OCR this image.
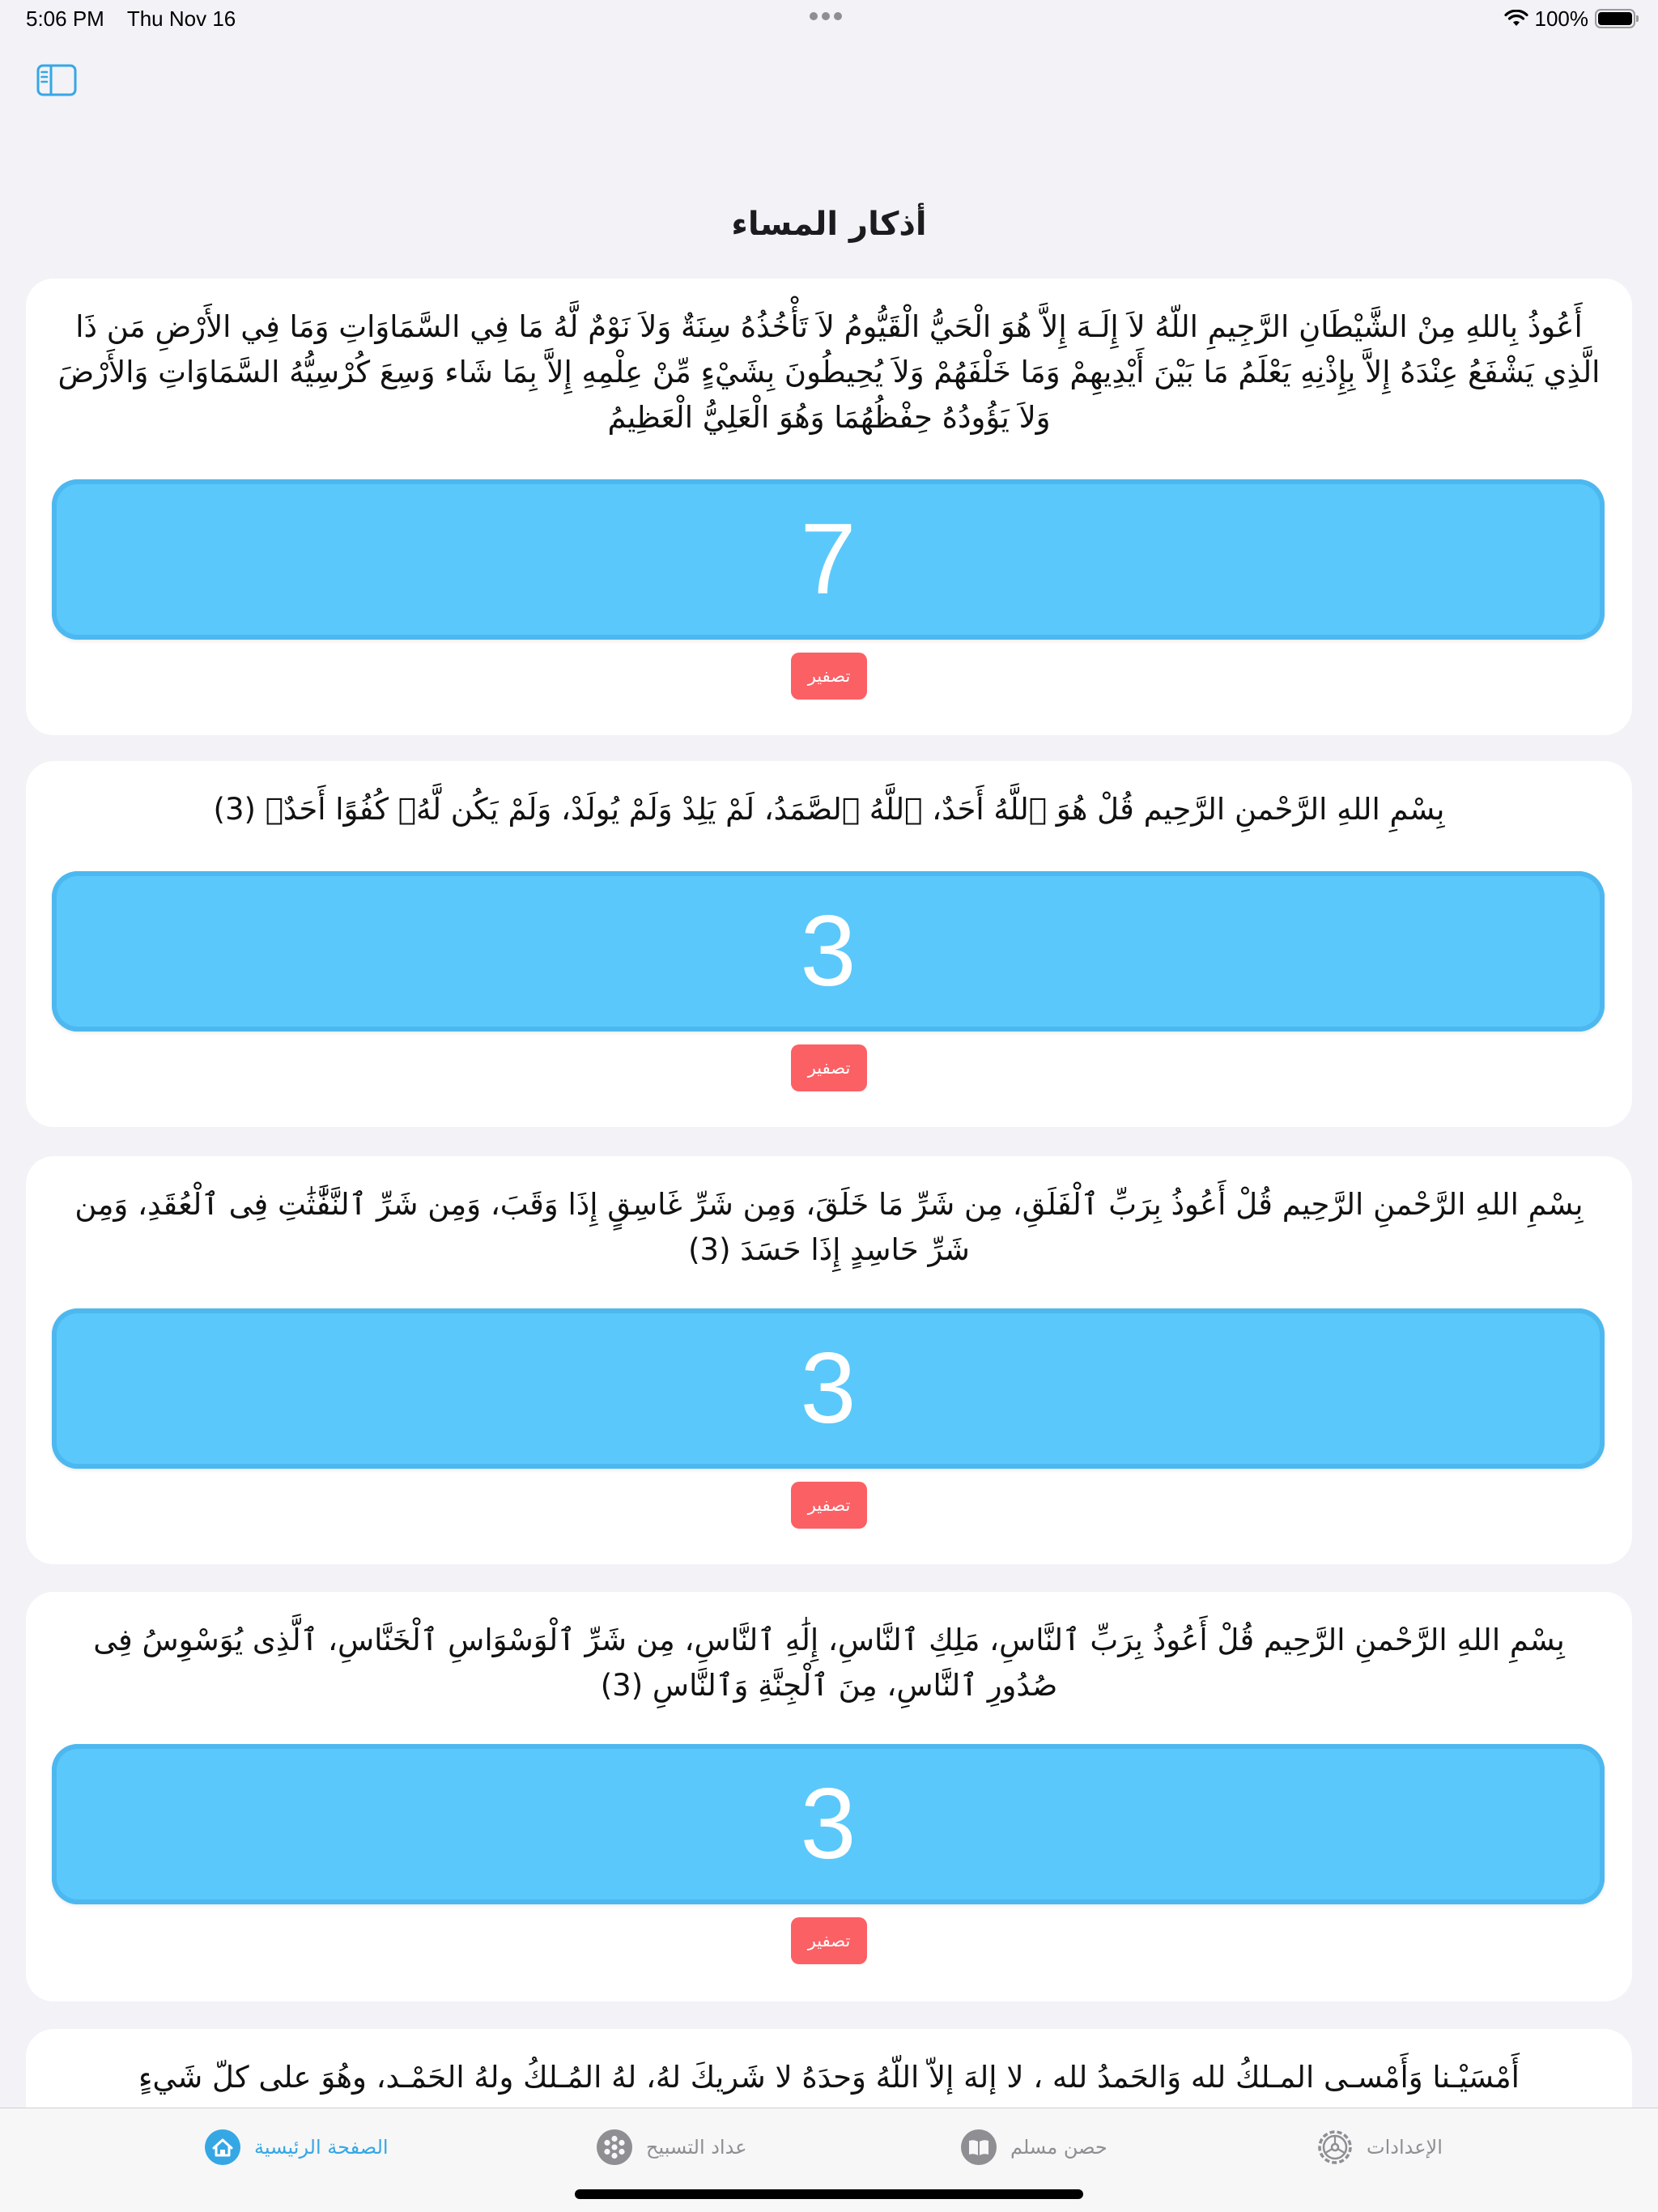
5:06 PM Thu Nov 16	100%
أذكار المساء
أَعُوذُ بِاللهِ مِنْ الشَّيْطَانِ الرَّجِيمِ اللّهُ لاَ إِلَـهَ إِلاَّ هُوَ الْحَيُّ الْقَيُّومُ لاَ تَأْخُذُهُ سِنَةٌ وَلاَ نَوْمٌ لَّهُ مَا فِي السَّمَاوَاتِ وَمَا فِي الأَرْضِ مَن ذَا الَّذِي يَشْفَعُ عِنْدَهُ إِلاَّ بِإِذْنِهِ يَعْلَمُ مَا بَيْنَ أَيْدِيهِمْ وَمَا خَلْفَهُمْ وَلاَ يُحِيطُونَ بِشَيْءٍ مِّنْ عِلْمِهِ إِلاَّ بِمَا شَاء وَسِعَ كُرْسِيُّهُ السَّمَاوَاتِ وَالأَرْضَ وَلاَ يَؤُودُهُ حِفْظُهُمَا وَهُوَ الْعَلِيُّ الْعَظِيمُ
7
تصفير
بِسْمِ اللهِ الرَّحْمنِ الرَّحِيم قُلْ هُوَ ٱللَّهُ أَحَدٌ، ٱللَّهُ ٱلصَّمَدُ، لَمْ يَلِدْ وَلَمْ يُولَدْ، وَلَمْ يَكُن لَّهُۥ كُفُوًا أَحَدٌۢ (3)
3
تصفير
بِسْمِ اللهِ الرَّحْمنِ الرَّحِيم قُلْ أَعُوذُ بِرَبِّ ٱلْفَلَقِ، مِن شَرِّ مَا خَلَقَ، وَمِن شَرِّ غَاسِقٍ إِذَا وَقَبَ، وَمِن شَرِّ ٱلنَّفَّٰثَٰتِ فِى ٱلْعُقَدِ، وَمِن شَرِّ حَاسِدٍ إِذَا حَسَدَ (3)
3
تصفير
بِسْمِ اللهِ الرَّحْمنِ الرَّحِيم قُلْ أَعُوذُ بِرَبِّ ٱلنَّاسِ، مَلِكِ ٱلنَّاسِ، إِلَٰهِ ٱلنَّاسِ، مِن شَرِّ ٱلْوَسْوَاسِ ٱلْخَنَّاسِ، ٱلَّذِى يُوَسْوِسُ فِى صُدُورِ ٱلنَّاسِ، مِنَ ٱلْجِنَّةِ وَٱلنَّاسِ (3)
3
تصفير
أَمْسَيْـنا وَأَمْسـى المـلكُ لله وَالحَمدُ لله ، لا إلهَ إلاّ اللّهُ وَحدَهُ لا شَريكَ لهُ، لهُ المُـلكُ ولهُ الحَمْـد، وهُوَ على كلّ شَيءٍ
الصفحة الرئيسية	عداد التسبيح	حصن مسلم	الإعدادات
